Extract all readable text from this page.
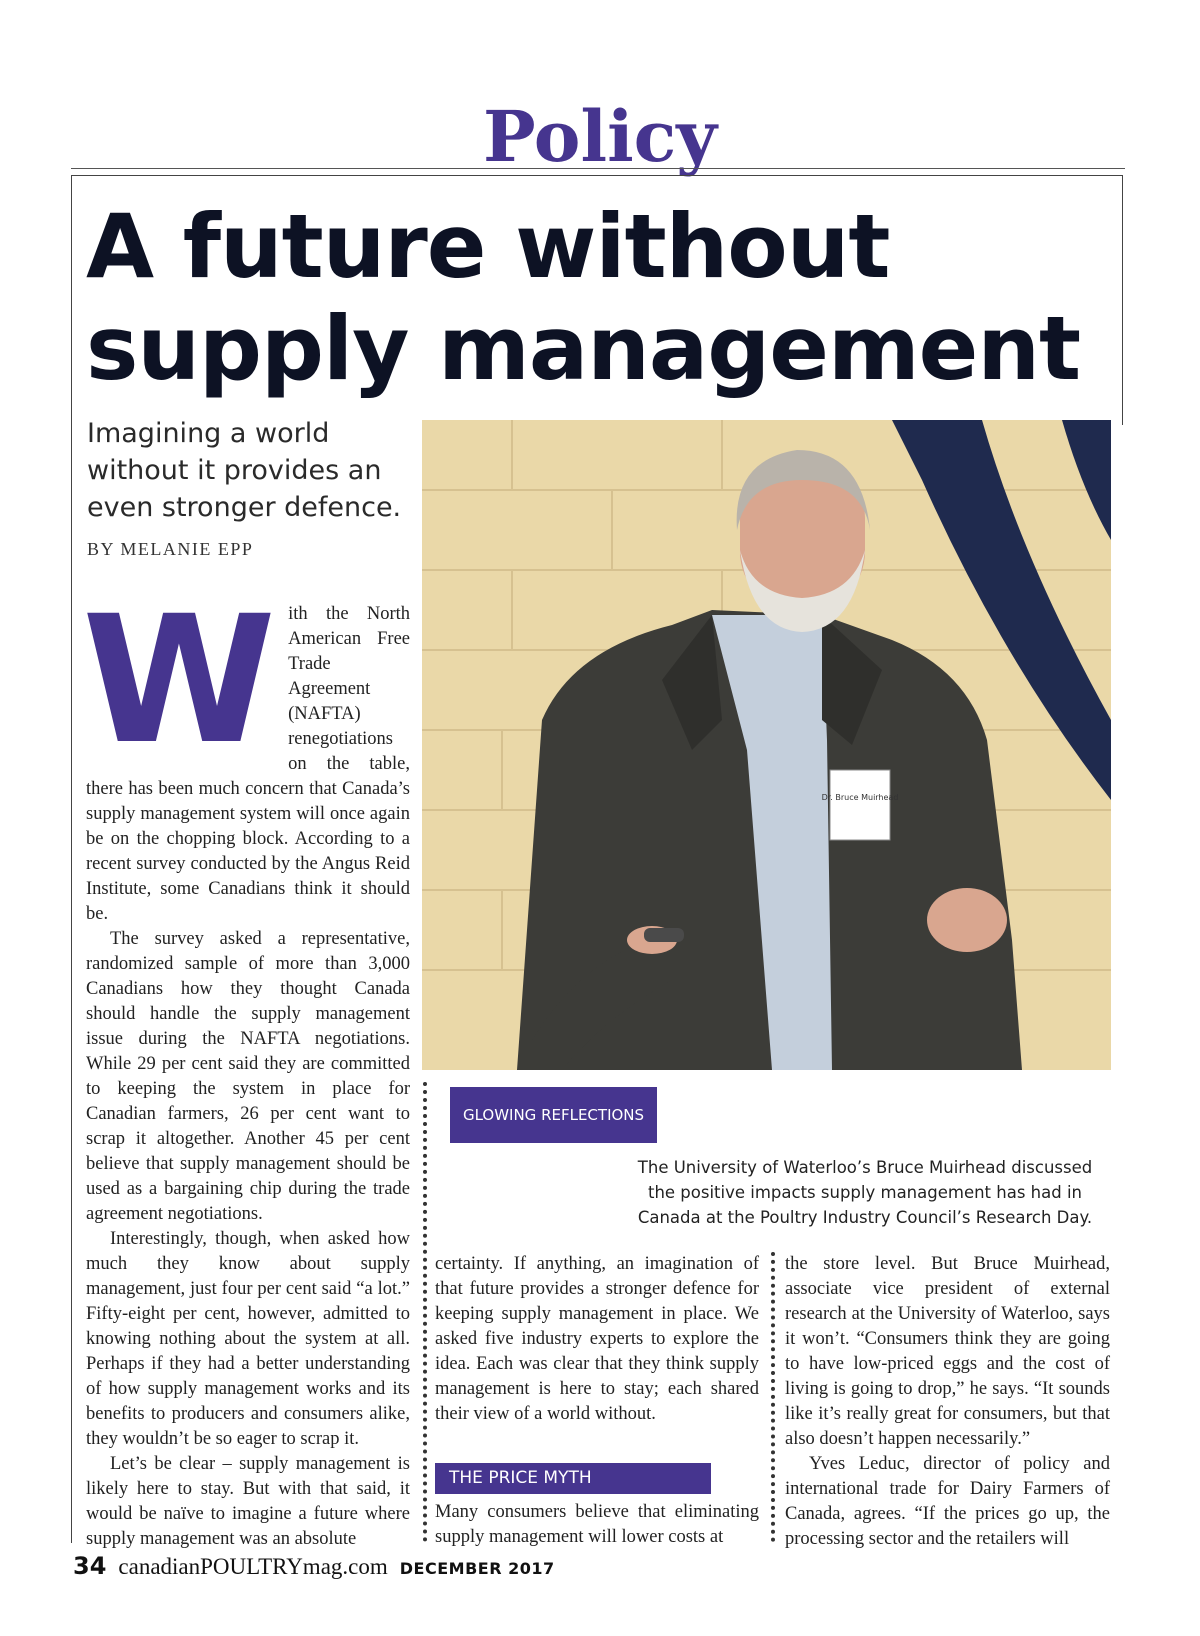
Policy
A future without supply management

Imagining a world without it provides an even stronger defence.

BY MELANIE EPP

Dr. Bruce Muirhead
GLOWING REFLECTIONS

The University of Waterloo’s Bruce Muirhead discussed the positive impacts supply management has had in Canada at the Poultry Industry Council’s Research Day.

W ith the North American Free Trade Agreement (NAFTA) renegotiations on the table, there has been much concern that Canada’s supply management system will once again be on the chopping block. According to a recent survey conducted by the Angus Reid Institute, some Canadians think it should be.

The survey asked a representative, randomized sample of more than 3,000 Canadians how they thought Canada should handle the supply management issue during the NAFTA negotiations. While 29 per cent said they are committed to keeping the system in place for Canadian farmers, 26 per cent want to scrap it altogether. Another 45 per cent believe that supply management should be used as a bargaining chip during the trade agreement negotiations.

Interestingly, though, when asked how much they know about supply management, just four per cent said “a lot.” Fifty-eight per cent, however, admitted to knowing nothing about the system at all. Perhaps if they had a better understanding of how supply management works and its benefits to producers and consumers alike, they wouldn’t be so eager to scrap it.

Let’s be clear – supply management is likely here to stay. But with that said, it would be naïve to imagine a future where supply management was an absolute

certainty. If anything, an imagination of that future provides a stronger defence for keeping supply management in place. We asked five industry experts to explore the idea. Each was clear that they think supply management is here to stay; each shared their view of a world without.

THE PRICE MYTH

Many consumers believe that eliminating supply management will lower costs at

the store level. But Bruce Muirhead, associate vice president of external research at the University of Waterloo, says it won’t. “Consumers think they are going to have low-priced eggs and the cost of living is going to drop,” he says. “It sounds like it’s really great for consumers, but that also doesn’t happen necessarily.”

Yves Leduc, director of policy and international trade for Dairy Farmers of Canada, agrees. “If the prices go up, the processing sector and the retailers will

34 canadianPOULTRYmag.com DECEMBER 2017
